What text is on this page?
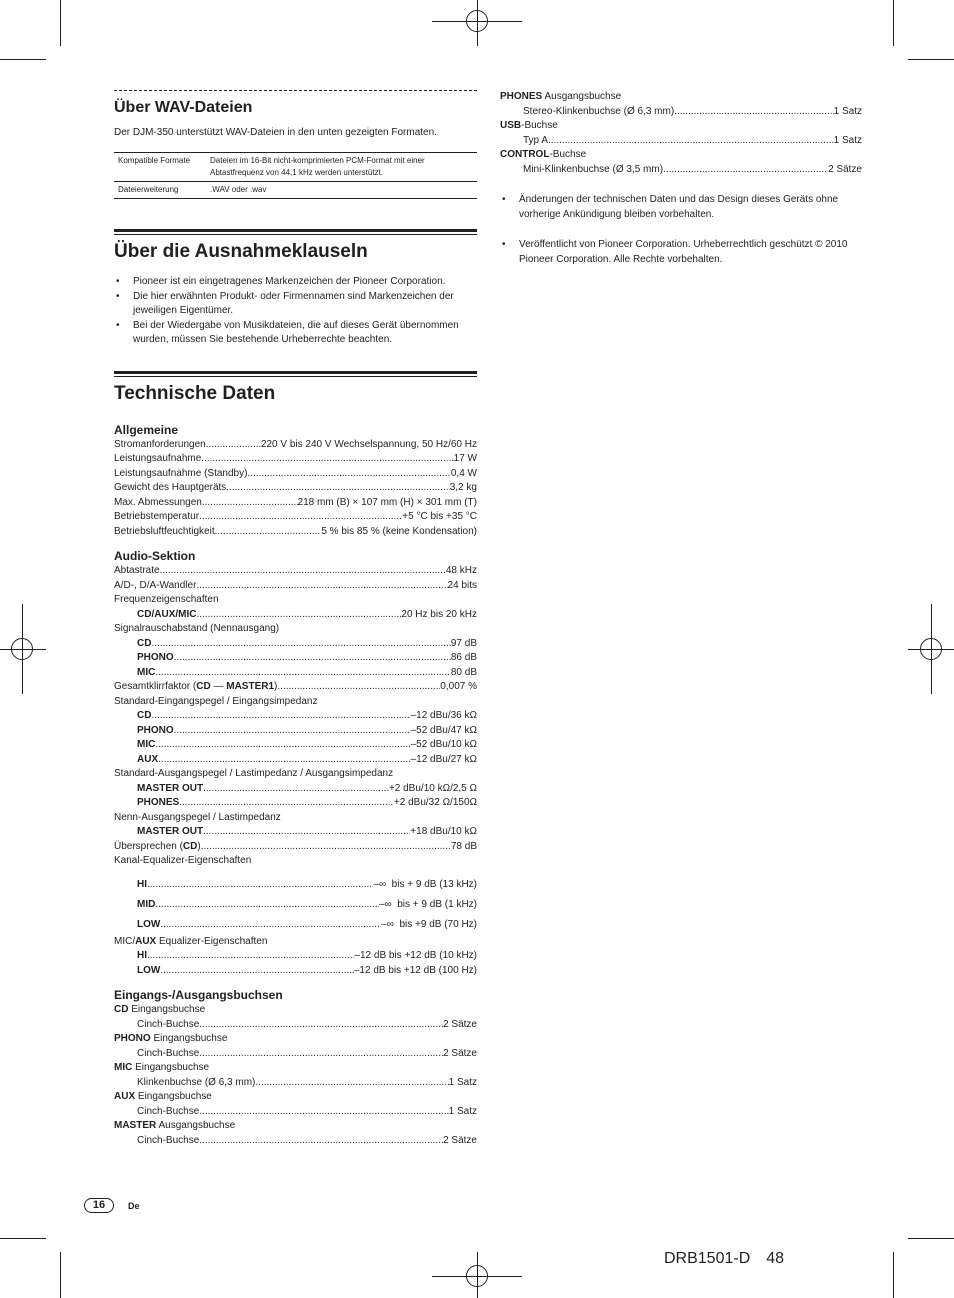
Über WAV-Dateien

Der DJM-350 unterstützt WAV-Dateien in den unten gezeigten Formaten.

Kompatible Formate	Dateien im 16-Bit nicht-komprimierten PCM-Format mit einer Abtastfrequenz von 44,1 kHz werden unterstützt.
Dateierweiterung	.WAV oder .wav
Über die Ausnahmeklauseln
• Pioneer ist ein eingetragenes Markenzeichen der Pioneer Corporation.
• Die hier erwähnten Produkt- oder Firmennamen sind Markenzeichen der jeweiligen Eigentümer.
• Bei der Wiedergabe von Musikdateien, die auf dieses Gerät übernommen wurden, müssen Sie bestehende Urheberrechte beachten.
Technische Daten
Allgemeine
Stromanforderungen .....	220 V bis 240 V Wechselspannung, 50 Hz/60 Hz
Leistungsaufnahme .....	17 W
Leistungsaufnahme (Standby) .....	0,4 W
Gewicht des Hauptgeräts .....	3,2 kg
Max. Abmessungen .....	218 mm (B) × 107 mm (H) × 301 mm (T)
Betriebstemperatur .....	+5 °C bis +35 °C
Betriebsluftfeuchtigkeit .....	5 % bis 85 % (keine Kondensation)
Audio-Sektion
Abtastrate .....	48 kHz
A/D-, D/A-Wandler .....	24 bits
Frequenzeigenschaften
CD/AUX/MIC .....	20 Hz bis 20 kHz
Signalrauschabstand (Nennausgang)
CD .....	97 dB
PHONO .....	86 dB
MIC .....	80 dB
Gesamtklirrfaktor ( CD — MASTER1 ) .....	0,007 %
Standard-Eingangspegel / Eingangsimpedanz
CD .....	–12 dBu/36 kΩ
PHONO .....	–52 dBu/47 kΩ
MIC .....	–52 dBu/10 kΩ
AUX .....	–12 dBu/27 kΩ
Standard-Ausgangspegel / Lastimpedanz / Ausgangsimpedanz
MASTER OUT .....	+2 dBu/10 kΩ/2,5 Ω
PHONES .....	+2 dBu/32 Ω/150Ω
Nenn-Ausgangspegel / Lastimpedanz
MASTER OUT .....	+18 dBu/10 kΩ
Übersprechen ( CD ) .....	78 dB
Kanal-Equalizer-Eigenschaften
HI .....	–∞  bis + 9 dB (13 kHz)
MID .....	–∞  bis + 9 dB (1 kHz)
LOW .....	–∞  bis +9 dB (70 Hz)
MIC/AUX Equalizer-Eigenschaften
HI .....	–12 dB bis +12 dB (10 kHz)
LOW .....	–12 dB bis +12 dB (100 Hz)
Eingangs-/Ausgangsbuchsen
CD Eingangsbuchse
Cinch-Buchse .....	2 Sätze
PHONO Eingangsbuchse
Cinch-Buchse .....	2 Sätze
MIC Eingangsbuchse
Klinkenbuchse (Ø 6,3 mm) .....	1 Satz
AUX Eingangsbuchse
Cinch-Buchse .....	1 Satz
MASTER Ausgangsbuchse
Cinch-Buchse .....	2 Sätze
PHONES Ausgangsbuchse
Stereo-Klinkenbuchse (Ø 6,3 mm) .....	1 Satz
USB-Buchse
Typ A .....	1 Satz
CONTROL-Buchse
Mini-Klinkenbuchse (Ø 3,5 mm) .....	2 Sätze
• Änderungen der technischen Daten und das Design dieses Geräts ohne vorherige Ankündigung bleiben vorbehalten.
• Veröffentlicht von Pioneer Corporation. Urheberrechtlich geschützt © 2010 Pioneer Corporation. Alle Rechte vorbehalten.
16	De
DRB1501-D 48
